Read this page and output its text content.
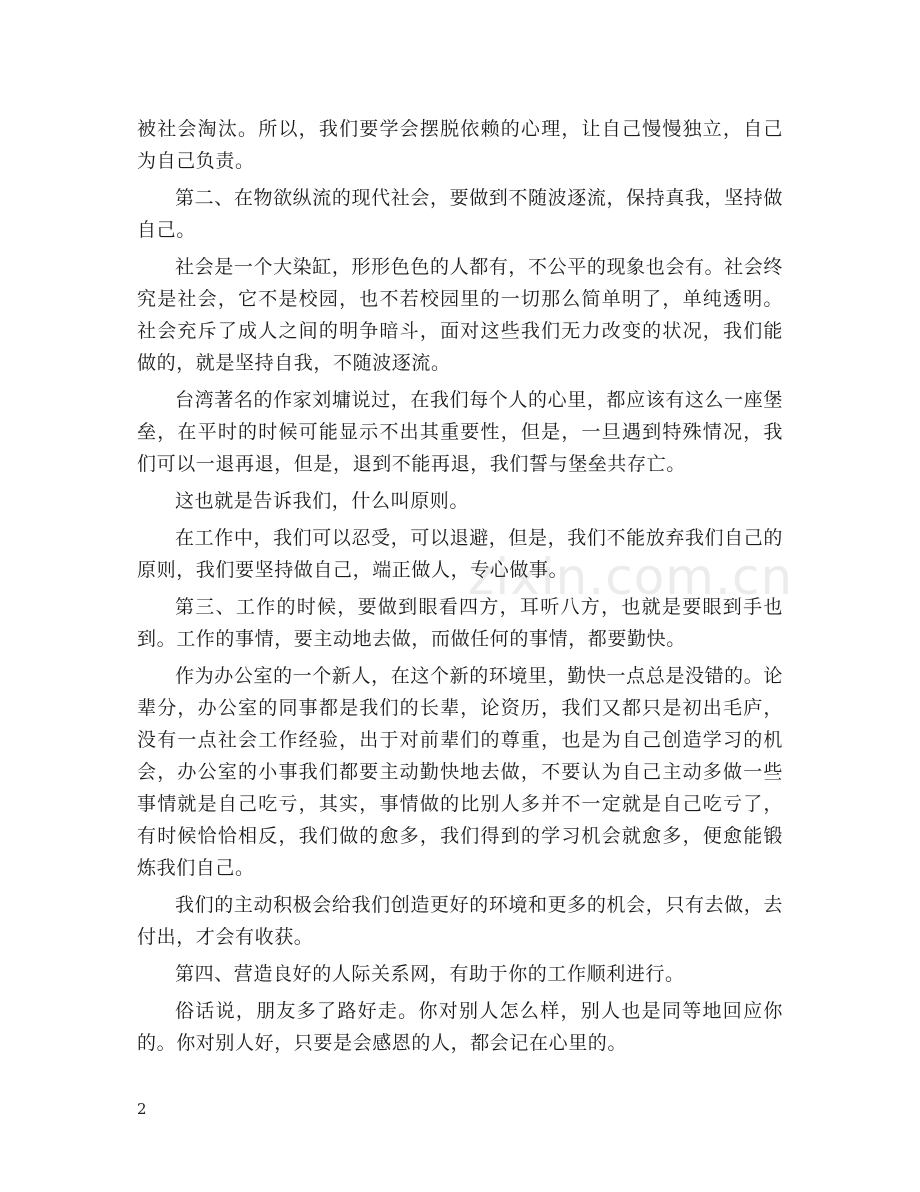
被社会淘汰。所以，我们要学会摆脱依赖的心理，让自己慢慢独立，自己为自己负责。

第二、在物欲纵流的现代社会，要做到不随波逐流，保持真我，坚持做自己。

社会是一个大染缸，形形色色的人都有，不公平的现象也会有。社会终究是社会，它不是校园，也不若校园里的一切那么简单明了，单纯透明。社会充斥了成人之间的明争暗斗，面对这些我们无力改变的状况，我们能做的，就是坚持自我，不随波逐流。

台湾著名的作家刘墉说过，在我们每个人的心里，都应该有这么一座堡垒，在平时的时候可能显示不出其重要性，但是，一旦遇到特殊情况，我们可以一退再退，但是，退到不能再退，我们誓与堡垒共存亡。

这也就是告诉我们，什么叫原则。

在工作中，我们可以忍受，可以退避，但是，我们不能放弃我们自己的原则，我们要坚持做自己，端正做人，专心做事。

第三、工作的时候，要做到眼看四方，耳听八方，也就是要眼到手也到。工作的事情，要主动地去做，而做任何的事情，都要勤快。

作为办公室的一个新人，在这个新的环境里，勤快一点总是没错的。论辈分，办公室的同事都是我们的长辈，论资历，我们又都只是初出毛庐，没有一点社会工作经验，出于对前辈们的尊重，也是为自己创造学习的机会，办公室的小事我们都要主动勤快地去做，不要认为自己主动多做一些事情就是自己吃亏，其实，事情做的比别人多并不一定就是自己吃亏了，有时候恰恰相反，我们做的愈多，我们得到的学习机会就愈多，便愈能锻炼我们自己。

我们的主动积极会给我们创造更好的环境和更多的机会，只有去做，去付出，才会有收获。

第四、营造良好的人际关系网，有助于你的工作顺利进行。

俗话说，朋友多了路好走。你对别人怎么样，别人也是同等地回应你的。你对别人好，只要是会感恩的人，都会记在心里的。

zixin.com.cn
2
